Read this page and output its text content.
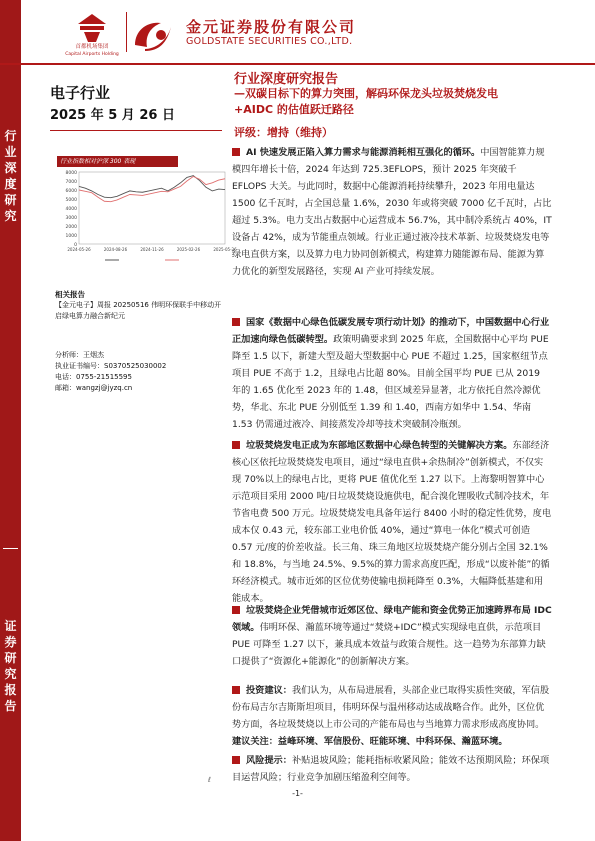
行
业
深
度
研
究
证
券
研
究
报
告
首都机场集团
Capital Airports Holding
金元证券股份有限公司
GOLDSTATE SECURITIES CO.,LTD.
电子行业
2025 年 5 月 26 日
行业指数相对沪深 300 表现
8000
7000
6000
5000
4000
3000
2000
1000
0
2024-05-26	2024-08-26	2024-11-26	2025-02-26	2025-05-26
相关报告
【金元电子】周报 20250516 伟明环保联手中移动开启绿电算力融合新纪元
分析师：王烟杰
执业证书编号：S0370525030002
电话：0755-21515595
邮箱：wangzj@jyzq.cn
行业深度研究报告
—双碳目标下的算力突围，解码环保龙头垃圾焚烧发电
+AIDC 的估值跃迁路径
评级：增持（维持）

AI 快速发展正陷入算力需求与能源消耗相互强化的循环。中国智能算力规模四年增长十倍，2024 年达到 725.3EFLOPS，预计 2025 年突破千 EFLOPS 大关。与此同时，数据中心能源消耗持续攀升，2023 年用电量达 1500 亿千瓦时，占全国总量 1.6%，2030 年或将突破 7000 亿千瓦时，占比超过 5.3%。电力支出占数据中心运营成本 56.7%，其中制冷系统占 40%，IT 设备占 42%，成为节能重点领域。行业正通过液冷技术革新、垃圾焚烧发电等绿电直供方案，以及算力电力协同创新模式，构建算力随能源布局、能源为算力优化的新型发展路径，实现 AI 产业可持续发展。

国家《数据中心绿色低碳发展专项行动计划》的推动下，中国数据中心行业正加速向绿色低碳转型。政策明确要求到 2025 年底，全国数据中心平均 PUE 降至 1.5 以下，新建大型及超大型数据中心 PUE 不超过 1.25，国家枢纽节点项目 PUE 不高于 1.2，且绿电占比超 80%。目前全国平均 PUE 已从 2019 年的 1.65 优化至 2023 年的 1.48，但区域差异显著，北方依托自然冷源优势，华北、东北 PUE 分别低至 1.39 和 1.40，西南方如华中 1.54、华南 1.53 仍需通过液冷、间接蒸发冷却等技术突破制冷瓶颈。

垃圾焚烧发电正成为东部地区数据中心绿色转型的关键解决方案。东部经济核心区依托垃圾焚烧发电项目，通过“绿电直供+余热制冷”创新模式，不仅实现 70%以上的绿电占比，更将 PUE 值优化至 1.27 以下。上海黎明智算中心示范项目采用 2000 吨/日垃圾焚烧设施供电，配合溴化锂吸收式制冷技术，年节省电费 500 万元。垃圾焚烧发电具备年运行 8400 小时的稳定性优势，度电成本仅 0.43 元，较东部工业电价低 40%，通过“算电一体化”模式可创造 0.57 元/度的价差收益。长三角、珠三角地区垃圾焚烧产能分别占全国 32.1%和 18.8%，与当地 24.5%、9.5%的算力需求高度匹配，形成“以废补能”的循环经济模式。城市近郊的区位优势使输电损耗降至 0.3%，大幅降低基建和用能成本。

垃圾焚烧企业凭借城市近郊区位、绿电产能和资金优势正加速跨界布局 IDC 领域。伟明环保、瀚蓝环境等通过“焚烧+IDC”模式实现绿电直供，示范项目 PUE 可降至 1.27 以下，兼具成本效益与政策合规性。这一趋势为东部算力缺口提供了“资源化+能源化”的创新解决方案。

投资建议：我们认为，从布局进展看，头部企业已取得实质性突破，军信股份布局吉尔吉斯斯坦项目，伟明环保与温州移动达成战略合作。此外，区位优势方面，各垃圾焚烧以上市公司的产能布局也与当地算力需求形成高度协同。建议关注：益峰环境、军信股份、旺能环境、中科环保、瀚蓝环境。

风险提示：补贴退坡风险；能耗指标收紧风险；能效不达预期风险；环保项目运营风险；行业竞争加剧压缩盈利空间等。

ℓ
-1-
